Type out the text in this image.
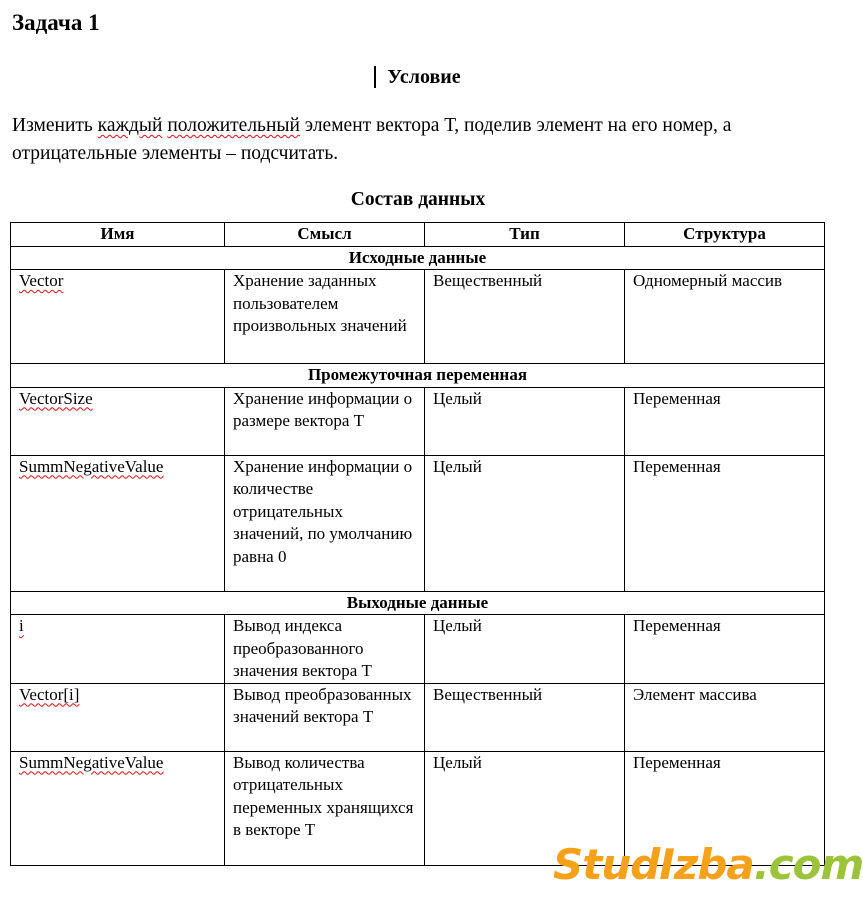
Задача 1
Условие

Изменить каждый положительный элемент вектора Т, поделив элемент на его номер, а отрицательные элементы – подсчитать.

Состав данных
Имя	Смысл	Тип	Структура
Исходные данные			
Vector	Хранение заданных пользователем произвольных значений	Вещественный	Одномерный массив
Промежуточная переменная			
VectorSize	Хранение информации о размере вектора Т	Целый	Переменная
SummNegativeValue	Хранение информации о количестве отрицательных значений, по умолчанию равна 0	Целый	Переменная
Выходные данные			
i	Вывод индекса преобразованного значения вектора Т	Целый	Переменная
Vector[i]	Вывод преобразованных значений вектора Т	Вещественный	Элемент массива
SummNegativeValue	Вывод количества отрицательных переменных хранящихся в векторе Т	Целый	Переменная
StudIzba.com
